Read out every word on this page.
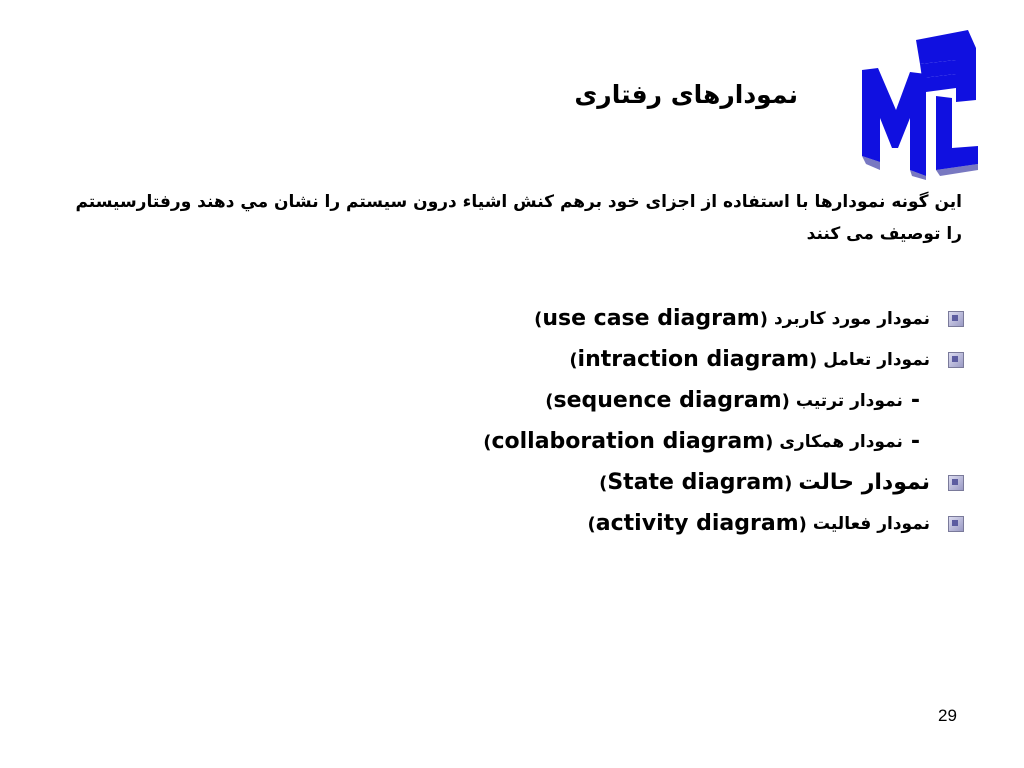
نمودارهای رفتاری
این گونه نمودارها با استفاده از اجزای خود برهم کنش اشیاء درون سیستم را نشان مي دهند ورفتارسیستم را توصیف می کنند
نمودار مورد کاربرد
(use case diagram)
نمودار تعامل
(intraction diagram)
-
نمودار ترتیب
(sequence diagram)
-
نمودار همکاری
(collaboration diagram)
نمودار حالت
(State diagram)
نمودار فعالیت
(activity diagram)
29
